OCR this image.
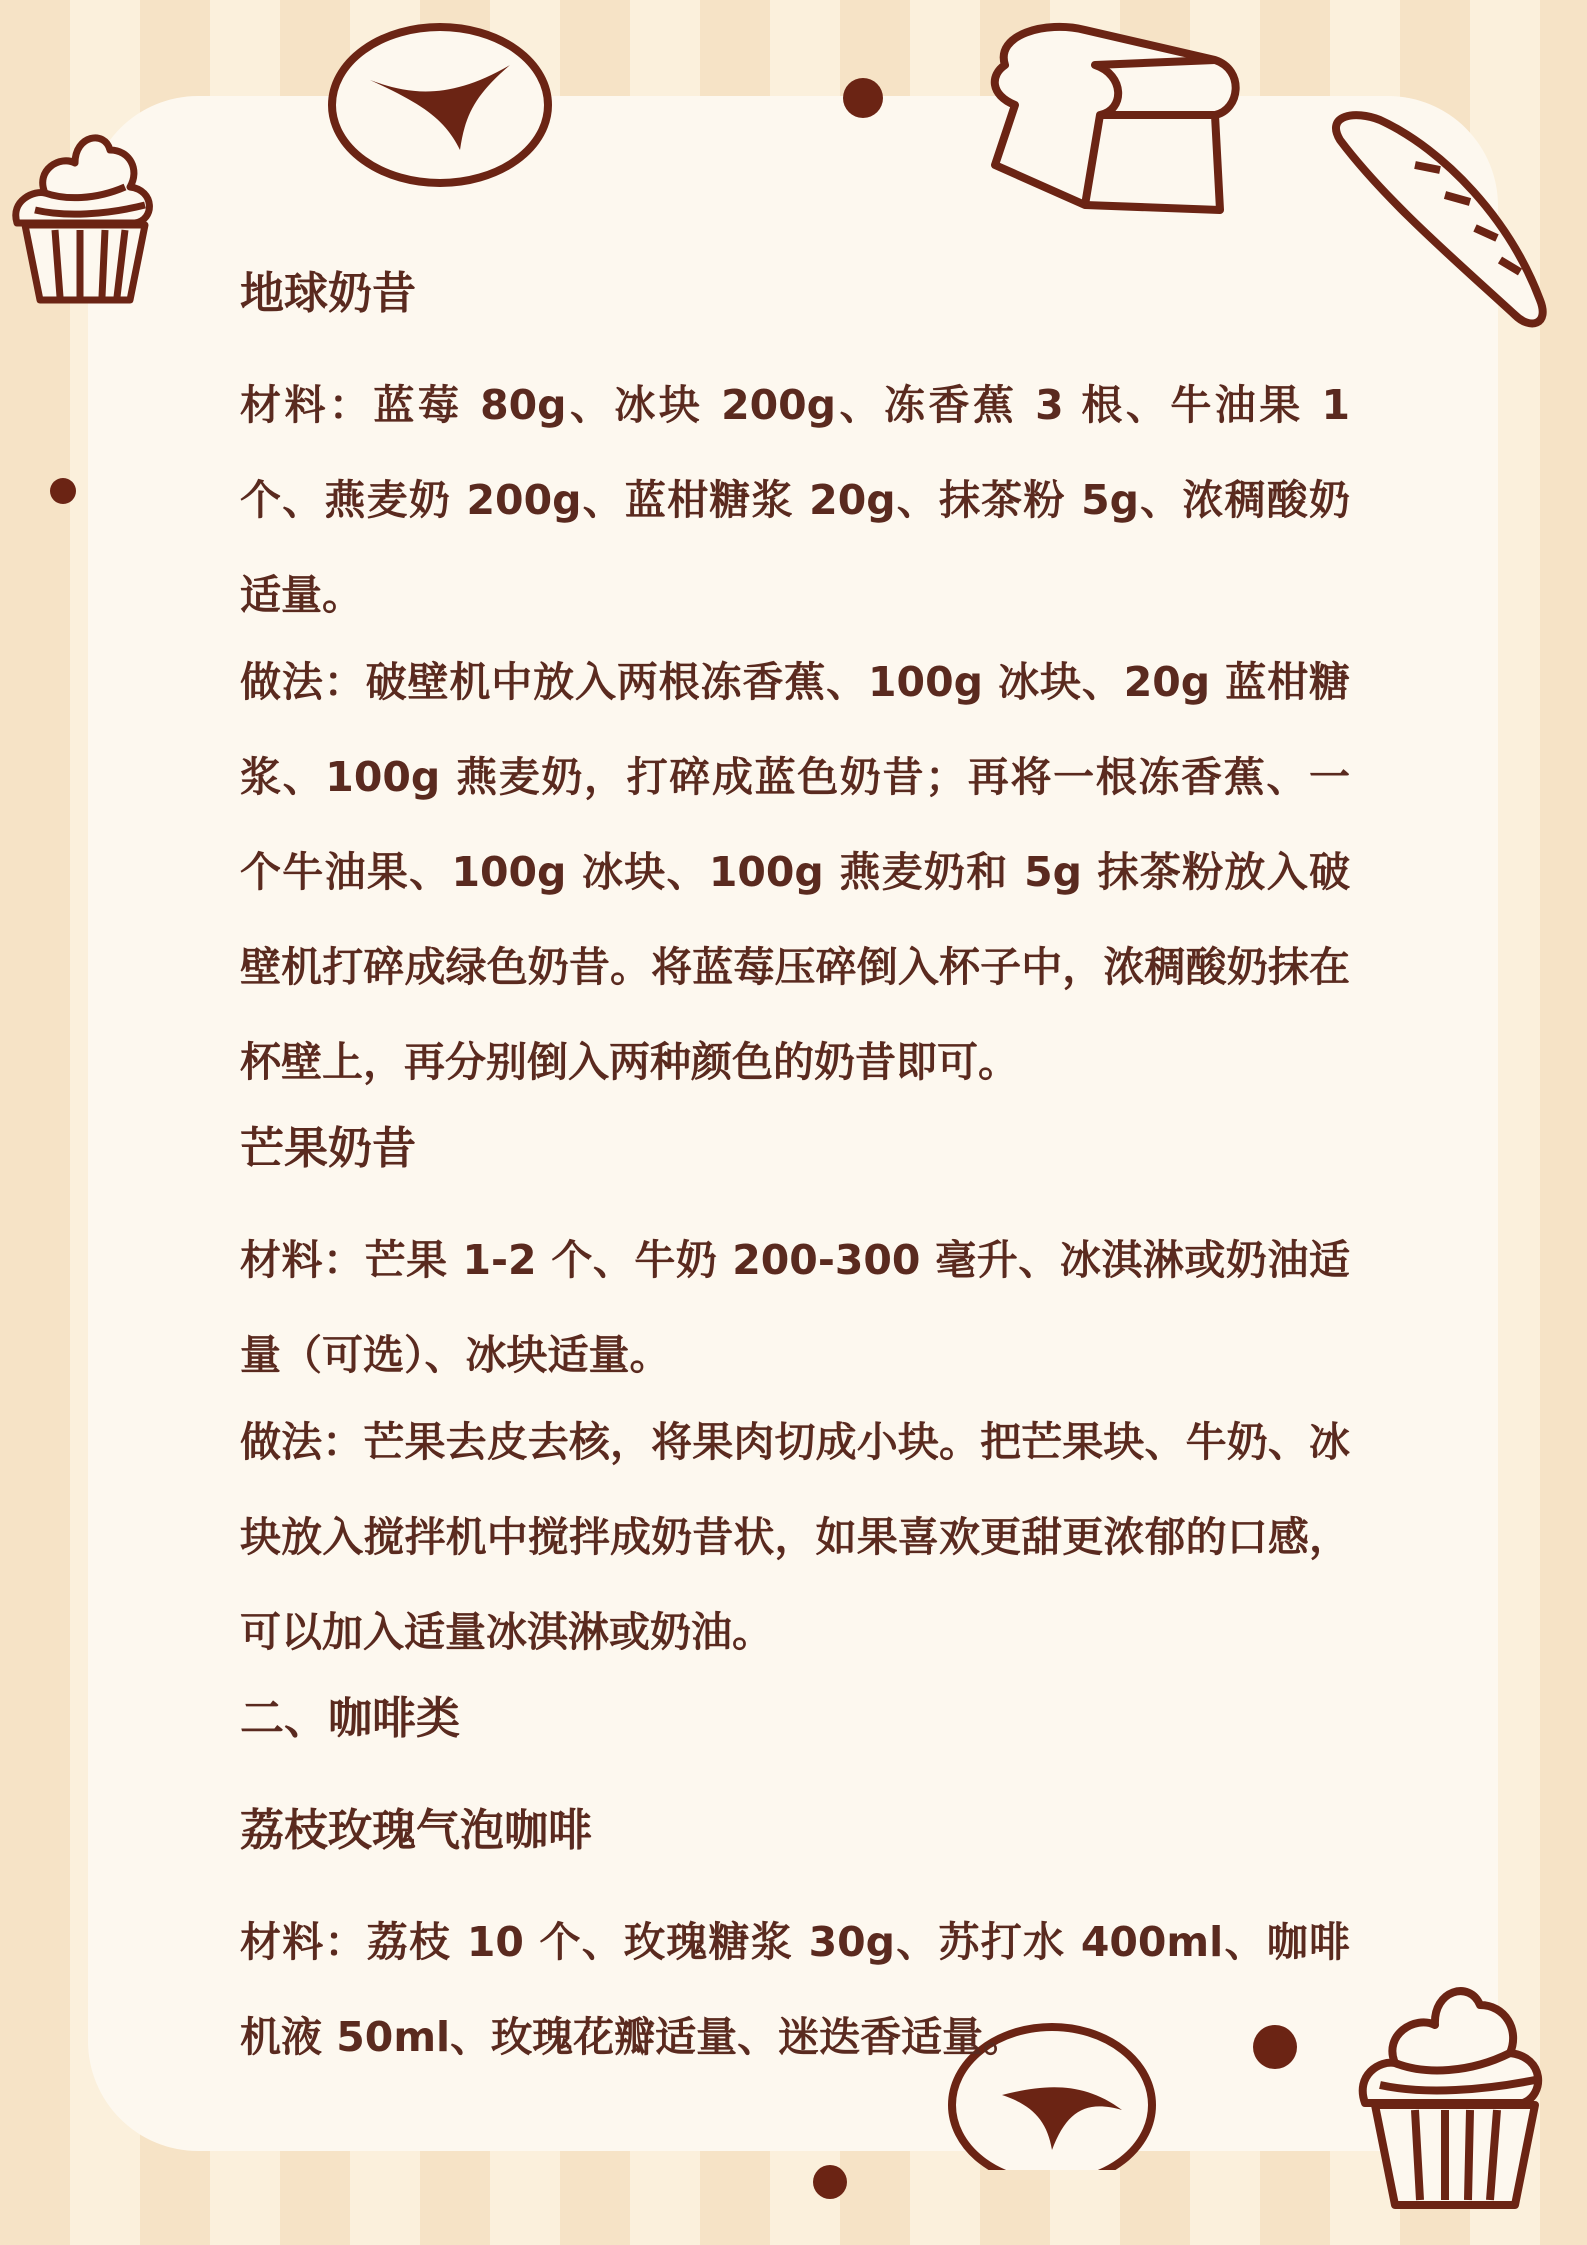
地球奶昔
材料：蓝莓 80g、冰块 200g、冻香蕉 3 根、牛油果 1 个、燕麦奶 200g、蓝柑糖浆 20g、抹茶粉 5g、浓稠酸奶适量。
做法：破壁机中放入两根冻香蕉、100g 冰块、20g 蓝柑糖浆、100g 燕麦奶，打碎成蓝色奶昔；再将一根冻香蕉、一个牛油果、100g 冰块、100g 燕麦奶和 5g 抹茶粉放入破壁机打碎成绿色奶昔。将蓝莓压碎倒入杯子中，浓稠酸奶抹在杯壁上，再分别倒入两种颜色的奶昔即可。
芒果奶昔
材料：芒果 1-2 个、牛奶 200-300 毫升、冰淇淋或奶油适量（可选）、冰块适量。
做法：芒果去皮去核，将果肉切成小块。把芒果块、牛奶、冰块放入搅拌机中搅拌成奶昔状，如果喜欢更甜更浓郁的口感，可以加入适量冰淇淋或奶油。
二、咖啡类
荔枝玫瑰气泡咖啡
材料：荔枝 10 个、玫瑰糖浆 30g、苏打水 400ml、咖啡机液 50ml、玫瑰花瓣适量、迷迭香适量。
